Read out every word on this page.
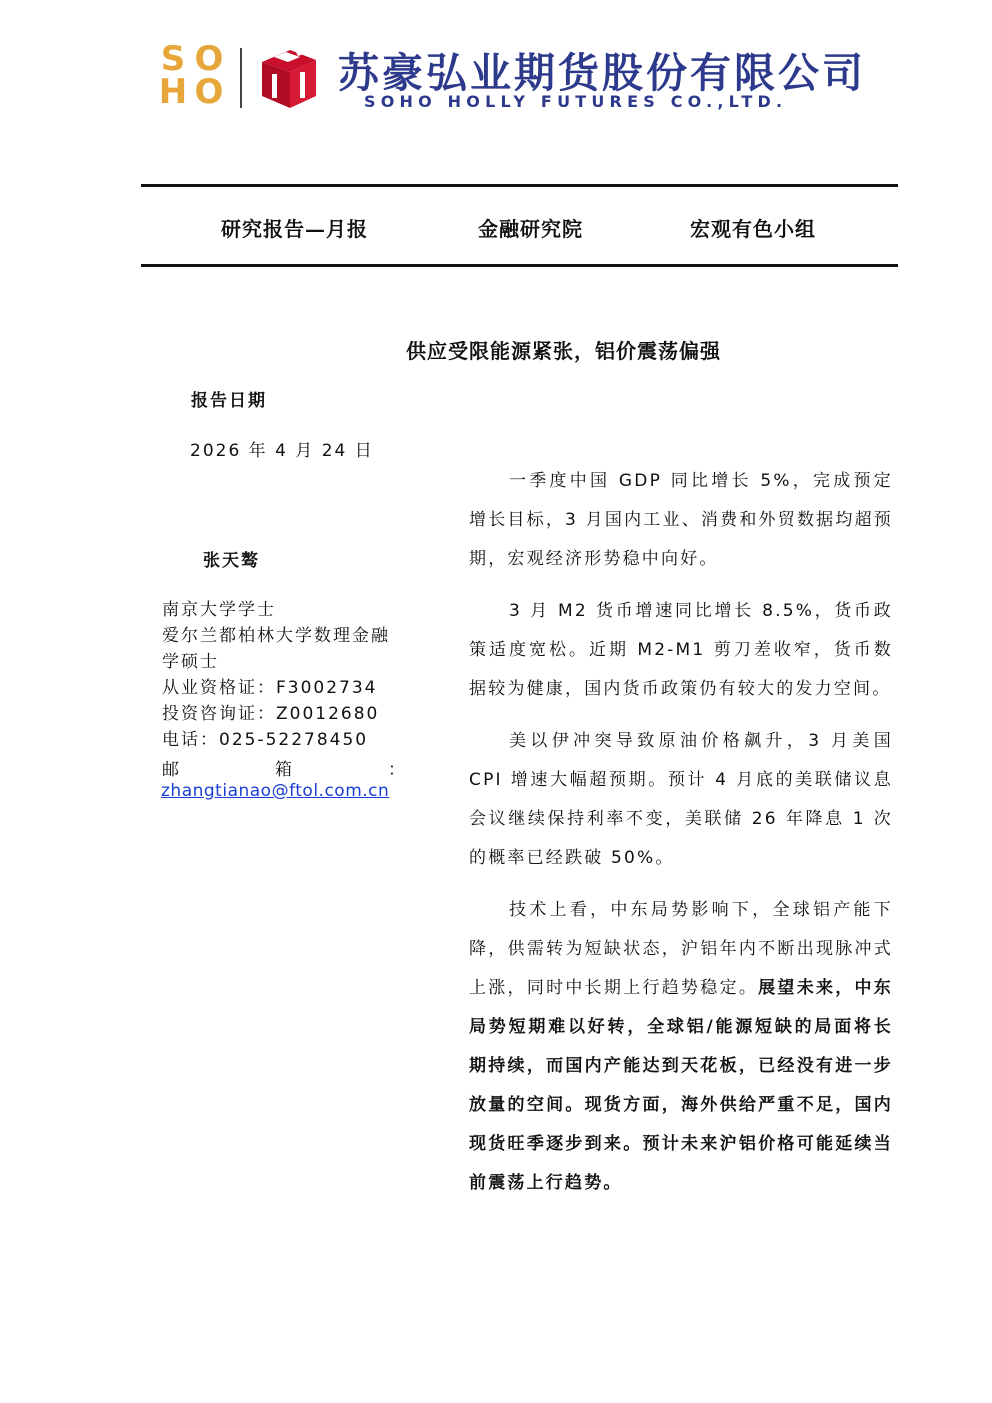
S O
H O	苏豪弘业期货股份有限公司
SOHO HOLLY FUTURES CO.,LTD.
研究报告—月报	金融研究院	宏观有色小组
供应受限能源紧张，铝价震荡偏强
报告日期
2026 年 4 月 24 日
张天骜
南京大学学士
爱尔兰都柏林大学数理金融
学硕士
从业资格证：F3002734
投资咨询证：Z0012680
电话：025-52278450
邮	箱	：
zhangtianao@ftol.com.cn

一季度中国 GDP 同比增长 5%，完成预定增长目标，3 月国内工业、消费和外贸数据均超预期，宏观经济形势稳中向好。

3 月 M2 货币增速同比增长 8.5%，货币政策适度宽松。近期 M2-M1 剪刀差收窄，货币数据较为健康，国内货币政策仍有较大的发力空间。

美以伊冲突导致原油价格飙升，3 月美国 CPI 增速大幅超预期。预计 4 月底的美联储议息会议继续保持利率不变，美联储 26 年降息 1 次的概率已经跌破 50%。

技术上看，中东局势影响下，全球铝产能下降，供需转为短缺状态，沪铝年内不断出现脉冲式上涨，同时中长期上行趋势稳定。展望未来，中东局势短期难以好转，全球铝/能源短缺的局面将长期持续，而国内产能达到天花板，已经没有进一步放量的空间。现货方面，海外供给严重不足，国内现货旺季逐步到来。预计未来沪铝价格可能延续当前震荡上行趋势。
